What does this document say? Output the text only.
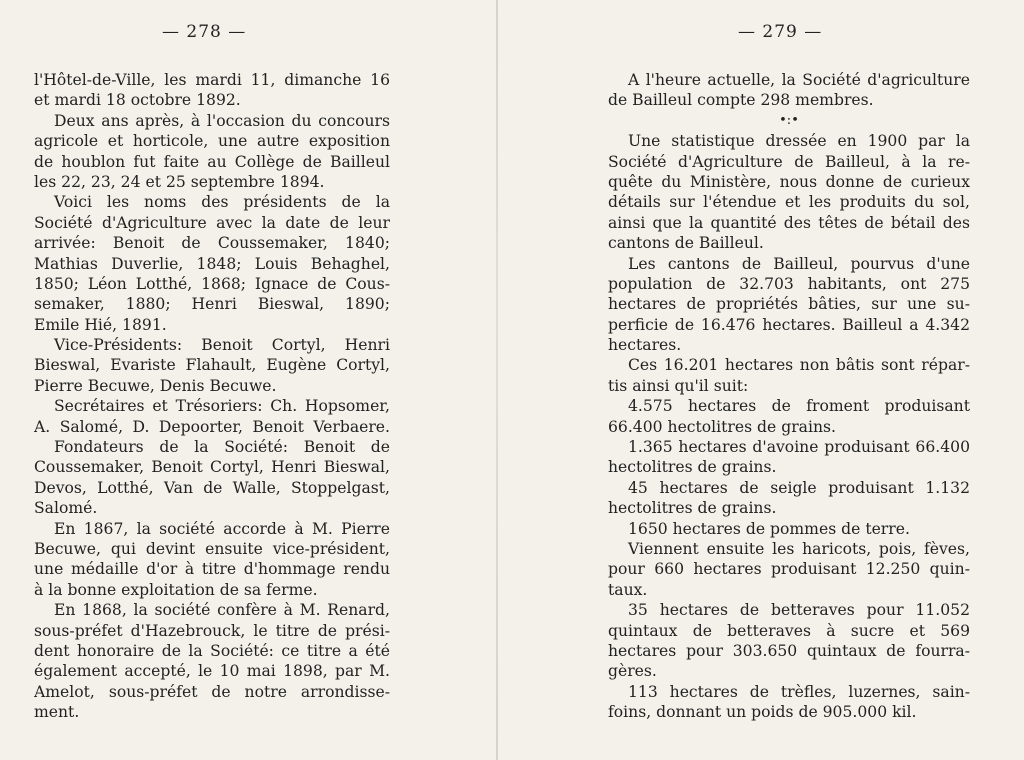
— 278 —
l'Hôtel-de-Ville, les mardi 11, dimanche 16
et mardi 18 octobre 1892.
Deux ans après, à l'occasion du concours
agricole et horticole, une autre exposition
de houblon fut faite au Collège de Bailleul
les 22, 23, 24 et 25 septembre 1894.
Voici les noms des présidents de la
Société d'Agriculture avec la date de leur
arrivée: Benoit de Coussemaker, 1840;
Mathias Duverlie, 1848; Louis Behaghel,
1850; Léon Lotthé, 1868; Ignace de Cous-
semaker, 1880; Henri Bieswal, 1890;
Emile Hié, 1891.
Vice-Présidents: Benoit Cortyl, Henri
Bieswal, Evariste Flahault, Eugène Cortyl,
Pierre Becuwe, Denis Becuwe.
Secrétaires et Trésoriers: Ch. Hopsomer,
A. Salomé, D. Depoorter, Benoit Verbaere.
Fondateurs de la Société: Benoit de
Coussemaker, Benoit Cortyl, Henri Bieswal,
Devos, Lotthé, Van de Walle, Stoppelgast,
Salomé.
En 1867, la société accorde à M. Pierre
Becuwe, qui devint ensuite vice-président,
une médaille d'or à titre d'hommage rendu
à la bonne exploitation de sa ferme.
En 1868, la société confère à M. Renard,
sous-préfet d'Hazebrouck, le titre de prési-
dent honoraire de la Société: ce titre a été
également accepté, le 10 mai 1898, par M.
Amelot, sous-préfet de notre arrondisse-
ment.
— 279 —
A l'heure actuelle, la Société d'agriculture
de Bailleul compte 298 membres.
•:•
Une statistique dressée en 1900 par la
Société d'Agriculture de Bailleul, à la re-
quête du Ministère, nous donne de curieux
détails sur l'étendue et les produits du sol,
ainsi que la quantité des têtes de bétail des
cantons de Bailleul.
Les cantons de Bailleul, pourvus d'une
population de 32.703 habitants, ont 275
hectares de propriétés bâties, sur une su-
perficie de 16.476 hectares. Bailleul a 4.342
hectares.
Ces 16.201 hectares non bâtis sont répar-
tis ainsi qu'il suit:
4.575 hectares de froment produisant
66.400 hectolitres de grains.
1.365 hectares d'avoine produisant 66.400
hectolitres de grains.
45 hectares de seigle produisant 1.132
hectolitres de grains.
1650 hectares de pommes de terre.
Viennent ensuite les haricots, pois, fèves,
pour 660 hectares produisant 12.250 quin-
taux.
35 hectares de betteraves pour 11.052
quintaux de betteraves à sucre et 569
hectares pour 303.650 quintaux de fourra-
gères.
113 hectares de trèfles, luzernes, sain-
foins, donnant un poids de 905.000 kil.
